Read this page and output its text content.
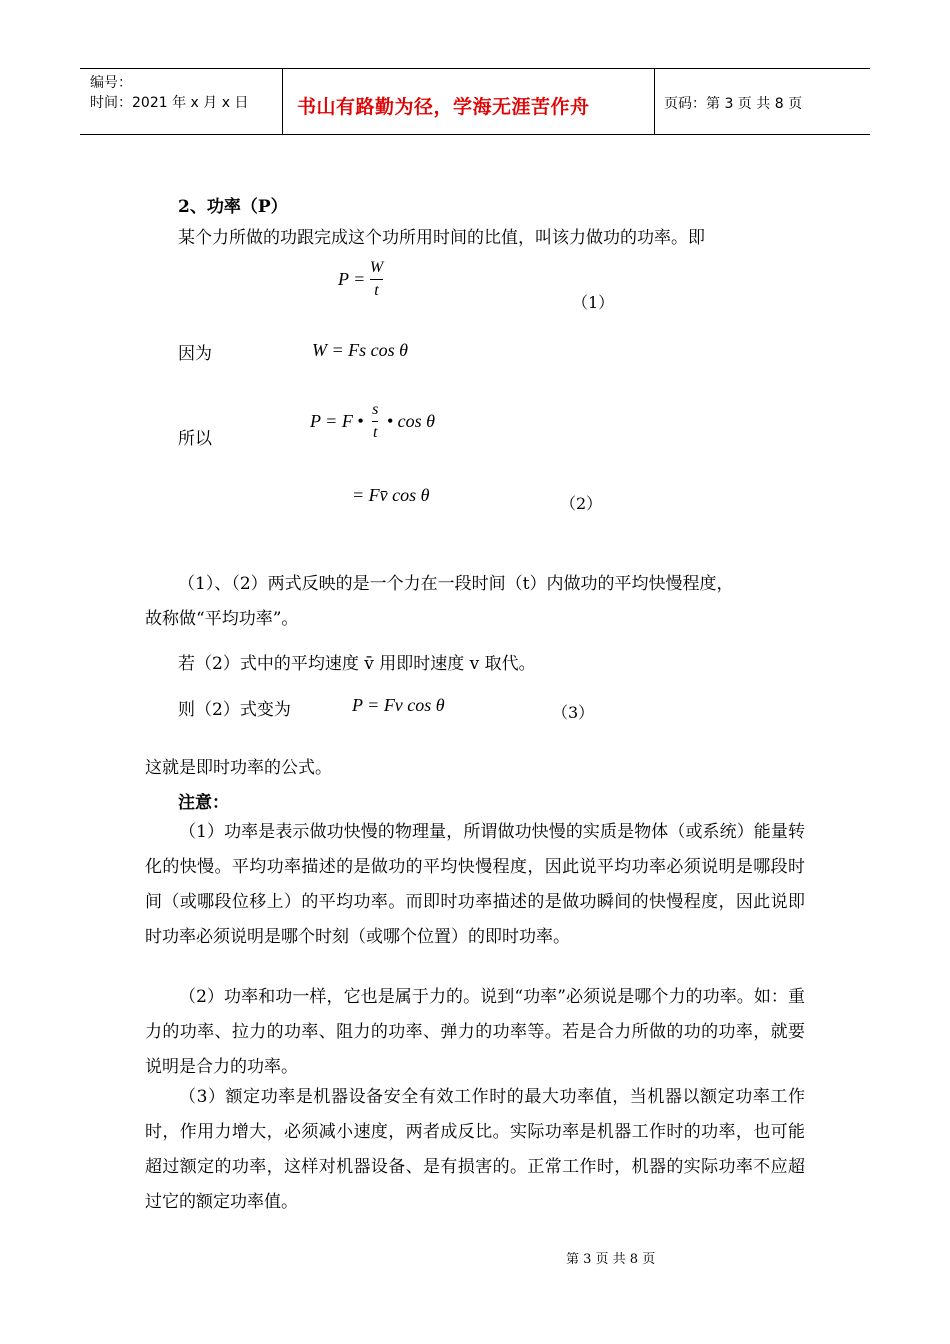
编号：
时间：2021 年 x 月 x 日	书山有路勤为径，学海无涯苦作舟	页码：第 3 页 共 8 页
2、功率（P）
某个力所做的功跟完成这个功所用时间的比值，叫该力做功的功率。即
$P = \frac{W}{t}$
（1）
因为	W = Fs cos θ
所以
P = F • $\frac{s}{t}$ • cos θ
= Fv̄ cos θ	（2）
（1）、（2）两式反映的是一个力在一段时间（t）内做功的平均快慢程度，
故称做“平均功率”。
若（2）式中的平均速度 v̄ 用即时速度 v 取代。
则（2）式变为	P = Fv cos θ	（3）
这就是即时功率的公式。
注意：
（1）功率是表示做功快慢的物理量，所谓做功快慢的实质是物体（或系统）能量转化的快慢。平均功率描述的是做功的平均快慢程度，因此说平均功率必须说明是哪段时间（或哪段位移上）的平均功率。而即时功率描述的是做功瞬间的快慢程度，因此说即时功率必须说明是哪个时刻（或哪个位置）的即时功率。
（2）功率和功一样，它也是属于力的。说到“功率”必须说是哪个力的功率。如：重力的功率、拉力的功率、阻力的功率、弹力的功率等。若是合力所做的功的功率，就要说明是合力的功率。
（3）额定功率是机器设备安全有效工作时的最大功率值，当机器以额定功率工作时，作用力增大，必须减小速度，两者成反比。实际功率是机器工作时的功率，也可能超过额定的功率，这样对机器设备、是有损害的。正常工作时，机器的实际功率不应超过它的额定功率值。
第 3 页 共 8 页
